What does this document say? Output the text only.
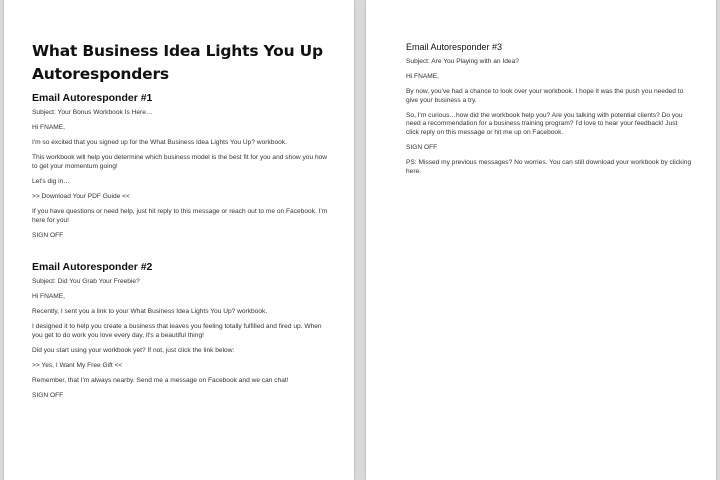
What Business Idea Lights You Up Autoresponders
Email Autoresponder #1
Subject: Your Bonus Workbook Is Here…
Hi FNAME,
I'm so excited that you signed up for the What Business Idea Lights You Up? workbook.
This workbook will help you determine which business model is the best fit for you and show you how to get your momentum going!
Let's dig in…
>> Download Your PDF Guide <<
If you have questions or need help, just hit reply to this message or reach out to me on Facebook. I'm here for you!
SIGN OFF
Email Autoresponder #2
Subject: Did You Grab Your Freebie?
Hi FNAME,
Recently, I sent you a link to your What Business Idea Lights You Up? workbook.
I designed it to help you create a business that leaves you feeling totally fulfilled and fired up. When you get to do work you love every day, it's a beautiful thing!
Did you start using your workbook yet? If not, just click the link below:
>> Yes, I Want My Free Gift <<
Remember, that I'm always nearby. Send me a message on Facebook and we can chat!
SIGN OFF
Email Autoresponder #3
Subject: Are You Playing with an Idea?
Hi FNAME,
By now, you've had a chance to look over your workbook. I hope it was the push you needed to give your business a try.
So, I'm curious…how did the workbook help you? Are you talking with potential clients? Do you need a recommendation for a business training program? I'd love to hear your feedback! Just click reply on this message or hit me up on Facebook.
SIGN OFF
PS: Missed my previous messages? No worries. You can still download your workbook by clicking here.
